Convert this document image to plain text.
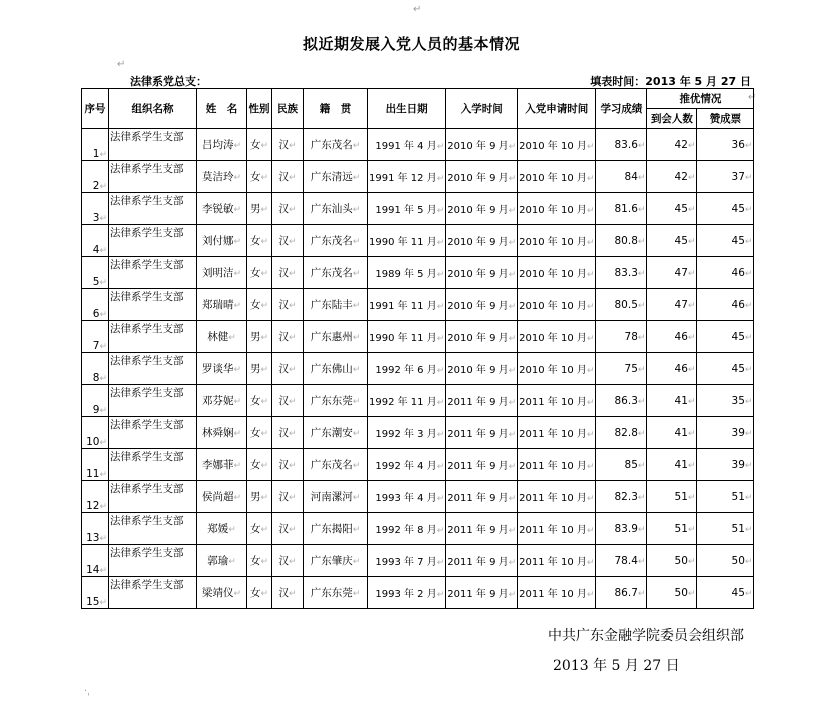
↵
拟近期发展入党人员的基本情况
↵
法律系党总支：	填表时间：2013 年 5 月 27 日
↵
序号	组织名称	姓　名	性别	民族	籍　贯	出生日期	入学时间	入党申请时间	学习成绩	推优情况	
										到会人数	赞成票
1↵	法律系学生支部	吕均涛↵	女↵	汉↵	广东茂名↵	1991 年 4 月↵	2010 年 9 月↵	2010 年 10 月↵	83.6↵	42↵	36↵
2↵	法律系学生支部	莫洁玲↵	女↵	汉↵	广东清远↵	1991 年 12 月↵	2010 年 9 月↵	2010 年 10 月↵	84↵	42↵	37↵
3↵	法律系学生支部	李锐敏↵	男↵	汉↵	广东汕头↵	1991 年 5 月↵	2010 年 9 月↵	2010 年 10 月↵	81.6↵	45↵	45↵
4↵	法律系学生支部	刘付娜↵	女↵	汉↵	广东茂名↵	1990 年 11 月↵	2010 年 9 月↵	2010 年 10 月↵	80.8↵	45↵	45↵
5↵	法律系学生支部	刘明洁↵	女↵	汉↵	广东茂名↵	1989 年 5 月↵	2010 年 9 月↵	2010 年 10 月↵	83.3↵	47↵	46↵
6↵	法律系学生支部	郑瑞晴↵	女↵	汉↵	广东陆丰↵	1991 年 11 月↵	2010 年 9 月↵	2010 年 10 月↵	80.5↵	47↵	46↵
7↵	法律系学生支部	林健↵	男↵	汉↵	广东惠州↵	1990 年 11 月↵	2010 年 9 月↵	2010 年 10 月↵	78↵	46↵	45↵
8↵	法律系学生支部	罗谈华↵	男↵	汉↵	广东佛山↵	1992 年 6 月↵	2010 年 9 月↵	2010 年 10 月↵	75↵	46↵	45↵
9↵	法律系学生支部	邓芬妮↵	女↵	汉↵	广东东莞↵	1992 年 11 月↵	2011 年 9 月↵	2011 年 10 月↵	86.3↵	41↵	35↵
10↵	法律系学生支部	林舜娴↵	女↵	汉↵	广东潮安↵	1992 年 3 月↵	2011 年 9 月↵	2011 年 10 月↵	82.8↵	41↵	39↵
11↵	法律系学生支部	李娜菲↵	女↵	汉↵	广东茂名↵	1992 年 4 月↵	2011 年 9 月↵	2011 年 10 月↵	85↵	41↵	39↵
12↵	法律系学生支部	侯尚超↵	男↵	汉↵	河南漯河↵	1993 年 4 月↵	2011 年 9 月↵	2011 年 10 月↵	82.3↵	51↵	51↵
13↵	法律系学生支部	郑媛↵	女↵	汉↵	广东揭阳↵	1992 年 8 月↵	2011 年 9 月↵	2011 年 10 月↵	83.9↵	51↵	51↵
14↵	法律系学生支部	郭瑜↵	女↵	汉↵	广东肇庆↵	1993 年 7 月↵	2011 年 9 月↵	2011 年 10 月↵	78.4↵	50↵	50↵
15↵	法律系学生支部	梁靖仪↵	女↵	汉↵	广东东莞↵	1993 年 2 月↵	2011 年 9 月↵	2011 年 10 月↵	86.7↵	50↵	45↵
中共广东金融学院委员会组织部
2013 年 5 月 27 日
·ˌ
